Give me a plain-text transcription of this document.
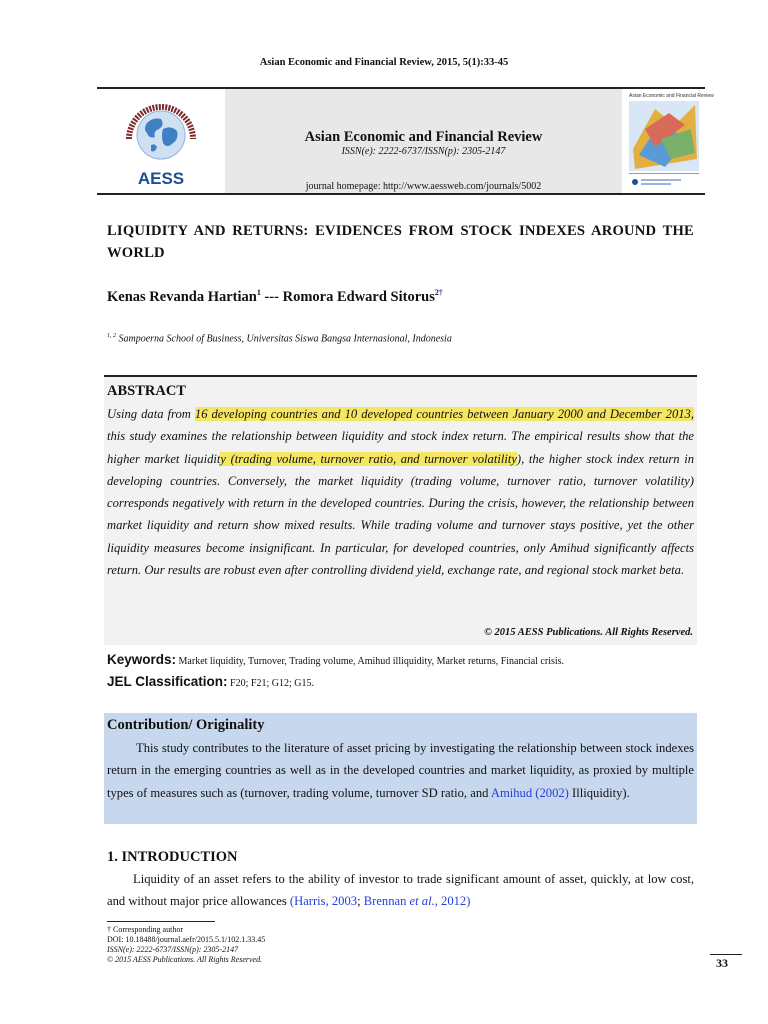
Asian Economic and Financial Review, 2015, 5(1):33-45
AESS
Asian Economic and Financial Review
ISSN(e): 2222-6737/ISSN(p): 2305-2147
journal homepage: http://www.aessweb.com/journals/5002
Asian Economic and Financial Review
LIQUIDITY AND RETURNS: EVIDENCES FROM STOCK INDEXES AROUND THE WORLD
Kenas Revanda Hartian$^1$ --- Romora Edward Sitorus$^{2\dagger}$
$^{1, 2}$ Sampoerna School of Business, Universitas Siswa Bangsa Internasional, Indonesia
ABSTRACT
Using data from 16 developing countries and 10 developed countries between January 2000 and December 2013, this study examines the relationship between liquidity and stock index return. The empirical results show that the higher market liquidity (trading volume, turnover ratio, and turnover volatility), the higher stock index return in developing countries. Conversely, the market liquidity (trading volume, turnover ratio, turnover volatility) corresponds negatively with return in the developed countries. During the crisis, however, the relationship between market liquidity and return show mixed results. While trading volume and turnover stays positive, yet the other liquidity measures become insignificant. In particular, for developed countries, only Amihud significantly affects return. Our results are robust even after controlling dividend yield, exchange rate, and regional stock market beta.
© 2015 AESS Publications. All Rights Reserved.
Keywords: Market liquidity, Turnover, Trading volume, Amihud illiquidity, Market returns, Financial crisis.
JEL Classification: F20; F21; G12; G15.
Contribution/ Originality
This study contributes to the literature of asset pricing by investigating the relationship between stock indexes return in the emerging countries as well as in the developed countries and market liquidity, as proxied by multiple types of measures such as (turnover, trading volume, turnover SD ratio, and Amihud (2002) Illiquidity).
1. INTRODUCTION
Liquidity of an asset refers to the ability of investor to trade significant amount of asset, quickly, at low cost, and without major price allowances (Harris, 2003; Brennan et al., 2012)
† Corresponding author
DOI: 10.18488/journal.aefr/2015.5.1/102.1.33.45
ISSN(e): 2222-6737/ISSN(p): 2305-2147
© 2015 AESS Publications. All Rights Reserved.	33
